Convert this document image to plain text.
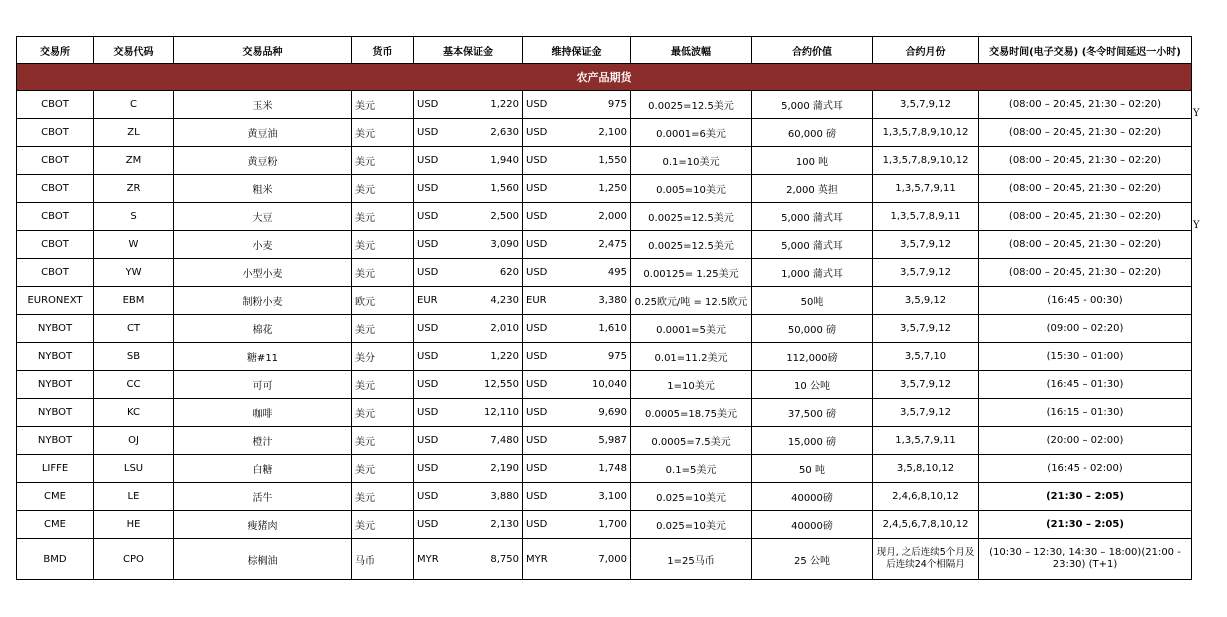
农产品期货											
交易所	交易代码	交易品种	货币	基本保证金		维持保证金		最低波幅	合约价值	合约月份	交易时间(电子交易) (冬令时间延迟一小时)
CBOT	C	玉米	美元	USD	1,220	USD	975	0.0025=12.5美元	5,000 蒲式耳	3,5,7,9,12	(08:00 – 20:45, 21:30 – 02:20)
CBOT	ZL	黄豆油	美元	USD	2,630	USD	2,100	0.0001=6美元	60,000 磅	1,3,5,7,8,9,10,12	(08:00 – 20:45, 21:30 – 02:20)
CBOT	ZM	黄豆粉	美元	USD	1,940	USD	1,550	0.1=10美元	100 吨	1,3,5,7,8,9,10,12	(08:00 – 20:45, 21:30 – 02:20)
CBOT	ZR	粗米	美元	USD	1,560	USD	1,250	0.005=10美元	2,000 英担	1,3,5,7,9,11	(08:00 – 20:45, 21:30 – 02:20)
CBOT	S	大豆	美元	USD	2,500	USD	2,000	0.0025=12.5美元	5,000 蒲式耳	1,3,5,7,8,9,11	(08:00 – 20:45, 21:30 – 02:20)
CBOT	W	小麦	美元	USD	3,090	USD	2,475	0.0025=12.5美元	5,000 蒲式耳	3,5,7,9,12	(08:00 – 20:45, 21:30 – 02:20)
CBOT	YW	小型小麦	美元	USD	620	USD	495	0.00125= 1.25美元	1,000 蒲式耳	3,5,7,9,12	(08:00 – 20:45, 21:30 – 02:20)
EURONEXT	EBM	制粉小麦	欧元	EUR	4,230	EUR	3,380	0.25欧元/吨 = 12.5欧元	50吨	3,5,9,12	(16:45 - 00:30)
NYBOT	CT	棉花	美元	USD	2,010	USD	1,610	0.0001=5美元	50,000 磅	3,5,7,9,12	(09:00 – 02:20)
NYBOT	SB	糖#11	美分	USD	1,220	USD	975	0.01=11.2美元	112,000磅	3,5,7,10	(15:30 – 01:00)
NYBOT	CC	可可	美元	USD	12,550	USD	10,040	1=10美元	10 公吨	3,5,7,9,12	(16:45 – 01:30)
NYBOT	KC	咖啡	美元	USD	12,110	USD	9,690	0.0005=18.75美元	37,500 磅	3,5,7,9,12	(16:15 – 01:30)
NYBOT	OJ	橙汁	美元	USD	7,480	USD	5,987	0.0005=7.5美元	15,000 磅	1,3,5,7,9,11	(20:00 – 02:00)
LIFFE	LSU	白糖	美元	USD	2,190	USD	1,748	0.1=5美元	50 吨	3,5,8,10,12	(16:45 - 02:00)
CME	LE	活牛	美元	USD	3,880	USD	3,100	0.025=10美元	40000磅	2,4,6,8,10,12	(21:30 – 2:05)
CME	HE	瘦猪肉	美元	USD	2,130	USD	1,700	0.025=10美元	40000磅	2,4,5,6,7,8,10,12	(21:30 – 2:05)
BMD	CPO	棕榈油	马币	MYR	8,750	MYR	7,000	1=25马币	25 公吨	现月, 之后连续5个月及后连续24个相隔月	(10:30 – 12:30, 14:30 – 18:00)(21:00 - 23:30) (T+1)
Y
Y
